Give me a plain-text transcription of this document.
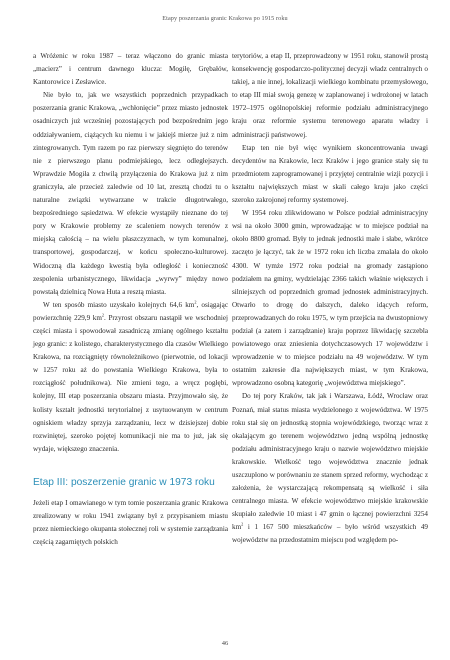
Etapy poszerzania granic Krakowa po 1915 roku

a Wróżenic w roku 1987 – teraz włączono do granic miasta „macierz” i centrum dawnego klucza: Mogiłę, Grębałów, Kantorowice i Zesławice.

Nie było to, jak we wszystkich poprzednich przypadkach poszerzania granic Krakowa, „wchłonięcie” przez miasto jednostek osadniczych już wcześniej pozostających pod bezpośrednim jego oddziaływaniem, ciążących ku niemu i w jakiejś mierze już z nim zintegrowanych. Tym razem po raz pierwszy sięgnięto do terenów nie z pierwszego planu podmiejskiego, lecz odległejszych. Wprawdzie Mogiła z chwilą przyłączenia do Krakowa już z nim graniczyła, ale przecież zaledwie od 10 lat, zresztą chodzi tu o naturalne związki wytwarzane w trakcie długotrwałego, bezpośredniego sąsiedztwa. W efekcie wystąpiły nieznane do tej pory w Krakowie problemy ze scaleniem nowych terenów z miejską całością – na wielu płaszczyznach, w tym komunalnej, transportowej, gospodarczej, w końcu społeczno-kulturowej. Widoczną dla każdego kwestią była odległość i konieczność zespolenia urbanistycznego, likwidacja „wyrwy” między nowo powstałą dzielnicą Nowa Huta a resztą miasta.

W ten sposób miasto uzyskało kolejnych 64,6 $km^2$, osiągając powierzchnię 229,9 $km^2$. Przyrost obszaru nastąpił we wschodniej części miasta i spowodował zasadniczą zmianę ogólnego kształtu jego granic: z kolistego, charakterystycznego dla czasów Wielkiego Krakowa, na rozciągnięty równoleżnikowo (pierwotnie, od lokacji w 1257 roku aż do powstania Wielkiego Krakowa, była to rozciągłość południkowa). Nie zmieni tego, a wręcz pogłębi, kolejny, III etap poszerzania obszaru miasta. Przyjmowało się, że kolisty kształt jednostki terytorialnej z usytuowanym w centrum ogniskiem władzy sprzyja zarządzaniu, lecz w dzisiejszej dobie rozwiniętej, szeroko pojętej komunikacji nie ma to już, jak się wydaje, większego znaczenia.

Etap III: poszerzenie granic w 1973 roku

Jeżeli etap I omawianego w tym tomie poszerzania granic Krakowa zrealizowany w roku 1941 związany był z przypisaniem miastu przez niemieckiego okupanta stołecznej roli w systemie zarządzania częścią zagarniętych polskich

terytoriów, a etap II, przeprowadzony w 1951 roku, stanowił prostą konsekwencję gospodarczo-politycznej decyzji władz centralnych o takiej, a nie innej, lokalizacji wielkiego kombinatu przemysłowego, to etap III miał swoją genezę w zaplanowanej i wdrożonej w latach 1972–1975 ogólnopolskiej reformie podziału administracyjnego kraju oraz reformie systemu terenowego aparatu władzy i administracji państwowej.

Etap ten nie był więc wynikiem skoncentrowania uwagi decydentów na Krakowie, lecz Kraków i jego granice stały się tu przedmiotem zaprogramowanej i przyjętej centralnie wizji pozycji i kształtu największych miast w skali całego kraju jako części szeroko zakrojonej reformy systemowej.

W 1954 roku zlikwidowano w Polsce podział administracyjny wsi na około 3000 gmin, wprowadzając w to miejsce podział na około 8800 gromad. Były to jednak jednostki małe i słabe, wkrótce zaczęto je łączyć, tak że w 1972 roku ich liczba zmalała do około 4300. W tymże 1972 roku podział na gromady zastąpiono podziałem na gminy, wydzielając 2366 takich właśnie większych i silniejszych od poprzednich gromad jednostek administracyjnych. Otwarło to drogę do dalszych, daleko idących reform, przeprowadzanych do roku 1975, w tym przejścia na dwustopniowy podział (a zatem i zarządzanie) kraju poprzez likwidację szczebla powiatowego oraz zniesienia dotychczasowych 17 województw i wprowadzenie w to miejsce podziału na 49 województw. W tym ostatnim zakresie dla największych miast, w tym Krakowa, wprowadzono osobną kategorię „województwa miejskiego”.

Do tej pory Kraków, tak jak i Warszawa, Łódź, Wrocław oraz Poznań, miał status miasta wydzielonego z województwa. W 1975 roku stał się on jednostką stopnia wojewódzkiego, tworząc wraz z okalającym go terenem województwo jedną wspólną jednostkę podziału administracyjnego kraju o nazwie województwo miejskie krakowskie. Wielkość tego województwa znacznie jednak uszczuplono w porównaniu ze stanem sprzed reformy, wychodząc z założenia, że wystarczającą rekompensatą są wielkość i siła centralnego miasta. W efekcie województwo miejskie krakowskie skupiało zaledwie 10 miast i 47 gmin o łącznej powierzchni 3254 $km^2$ i 1 167 500 mieszkańców – było wśród wszystkich 49 województw na przedostatnim miejscu pod względem po-

46
